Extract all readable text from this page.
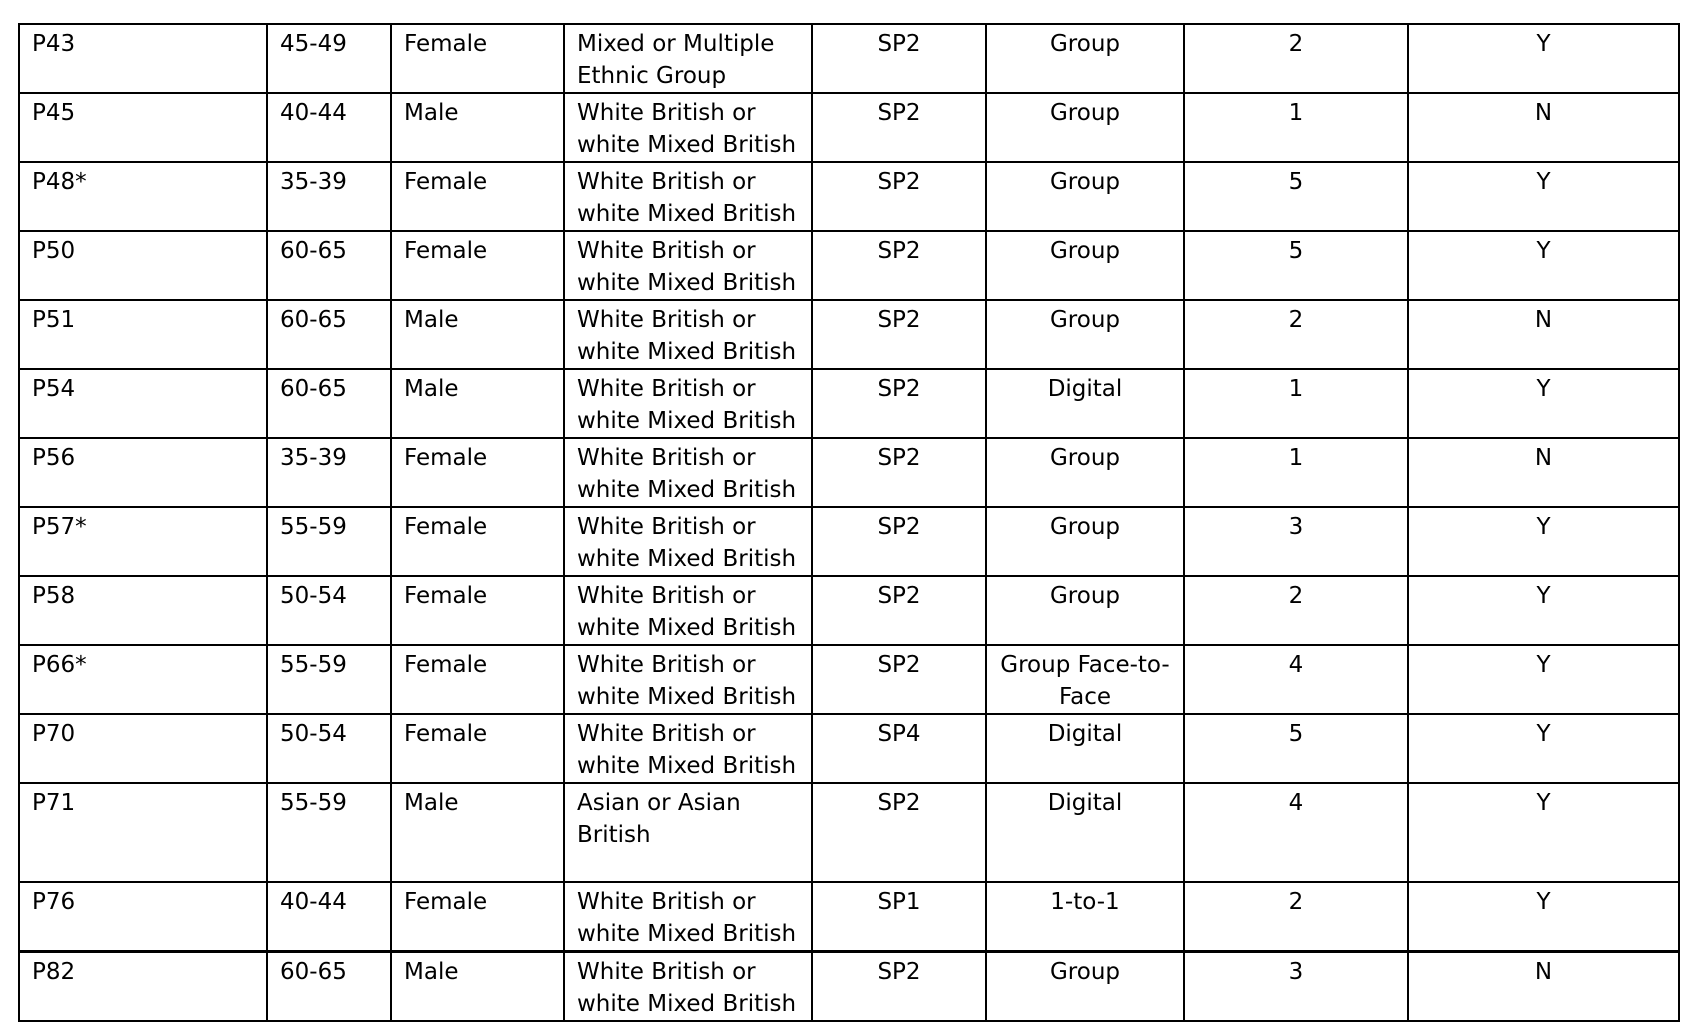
P43	45-49	Female	Mixed or Multiple Ethnic Group	SP2	Group	2	Y
P45	40-44	Male	White British or white Mixed British	SP2	Group	1	N
P48*	35-39	Female	White British or white Mixed British	SP2	Group	5	Y
P50	60-65	Female	White British or white Mixed British	SP2	Group	5	Y
P51	60-65	Male	White British or white Mixed British	SP2	Group	2	N
P54	60-65	Male	White British or white Mixed British	SP2	Digital	1	Y
P56	35-39	Female	White British or white Mixed British	SP2	Group	1	N
P57*	55-59	Female	White British or white Mixed British	SP2	Group	3	Y
P58	50-54	Female	White British or white Mixed British	SP2	Group	2	Y
P66*	55-59	Female	White British or white Mixed British	SP2	Group Face-to-Face	4	Y
P70	50-54	Female	White British or white Mixed British	SP4	Digital	5	Y
P71	55-59	Male	Asian or Asian British	SP2	Digital	4	Y
P76	40-44	Female	White British or white Mixed British	SP1	1-to-1	2	Y
P82	60-65	Male	White British or white Mixed British	SP2	Group	3	N
